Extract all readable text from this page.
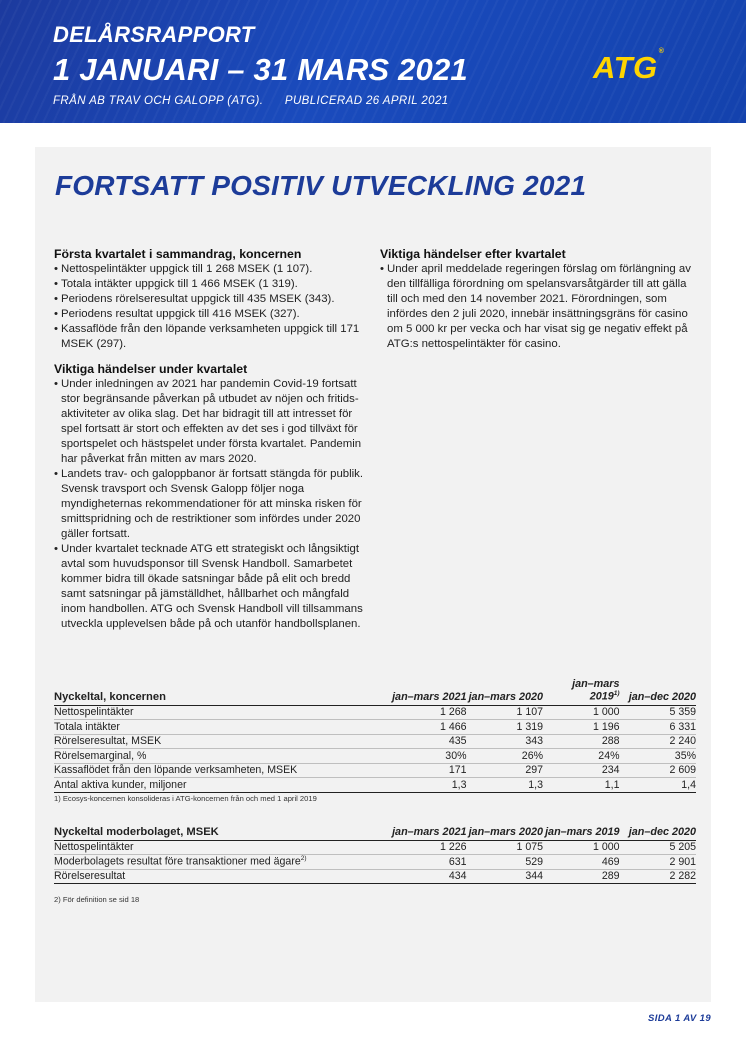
DELÅRSRAPPORT
1 JANUARI – 31 MARS 2021
FRÅN AB TRAV OCH GALOPP (ATG). PUBLICERAD 26 APRIL 2021
ATG®
FORTSATT POSITIV UTVECKLING 2021
Första kvartalet i sammandrag, koncernen
• Nettospelintäkter uppgick till 1 268 MSEK (1 107).
• Totala intäkter uppgick till 1 466 MSEK (1 319).
• Periodens rörelseresultat uppgick till 435 MSEK (343).
• Periodens resultat uppgick till 416 MSEK (327).
• Kassaflöde från den löpande verksamheten uppgick till 171 MSEK (297).
Viktiga händelser under kvartalet
• Under inledningen av 2021 har pandemin Covid-19 fortsatt stor begränsande påverkan på utbudet av nöjen och fritids-aktiviteter av olika slag. Det har bidragit till att intresset för spel fortsatt är stort och effekten av det ses i god tillväxt för sportspelet och hästspelet under första kvartalet. Pandemin har påverkat från mitten av mars 2020.
• Landets trav- och galoppbanor är fortsatt stängda för publik. Svensk travsport och Svensk Galopp följer noga myndigheternas rekommendationer för att minska risken för smittspridning och de restriktioner som infördes under 2020 gäller fortsatt.
• Under kvartalet tecknade ATG ett strategiskt och långsiktigt avtal som huvudsponsor till Svensk Handboll. Samarbetet kommer bidra till ökade satsningar både på elit och bredd samt satsningar på jämställdhet, hållbarhet och mångfald inom handbollen. ATG och Svensk Handboll vill tillsammans utveckla upplevelsen både på och utanför handbollsplanen.
Viktiga händelser efter kvartalet
• Under april meddelade regeringen förslag om förlängning av den tillfälliga förordning om spelansvarsåtgärder till att gälla till och med den 14 november 2021. Förordningen, som infördes den 2 juli 2020, innebär insättningsgräns för casino om 5 000 kr per vecka och har visat sig ge negativ effekt på ATG:s nettospelintäkter för casino.
Nyckeltal, koncernen	jan–mars 2021	jan–mars 2020	jan–mars 2019$^{1)}$	jan–dec 2020
Nettospelintäkter	1 268	1 107	1 000	5 359
Totala intäkter	1 466	1 319	1 196	6 331
Rörelseresultat, MSEK	435	343	288	2 240
Rörelsemarginal, %	30%	26%	24%	35%
Kassaflödet från den löpande verksamheten, MSEK	171	297	234	2 609
Antal aktiva kunder, miljoner	1,3	1,3	1,1	1,4
1) Ecosys-koncernen konsolideras i ATG-koncernen från och med 1 april 2019
Nyckeltal moderbolaget, MSEK	jan–mars 2021	jan–mars 2020	jan–mars 2019	jan–dec 2020
Nettospelintäkter	1 226	1 075	1 000	5 205
Moderbolagets resultat före transaktioner med ägare$^{2)}$	631	529	469	2 901
Rörelseresultat	434	344	289	2 282
2) För definition se sid 18
SIDA 1 AV 19
